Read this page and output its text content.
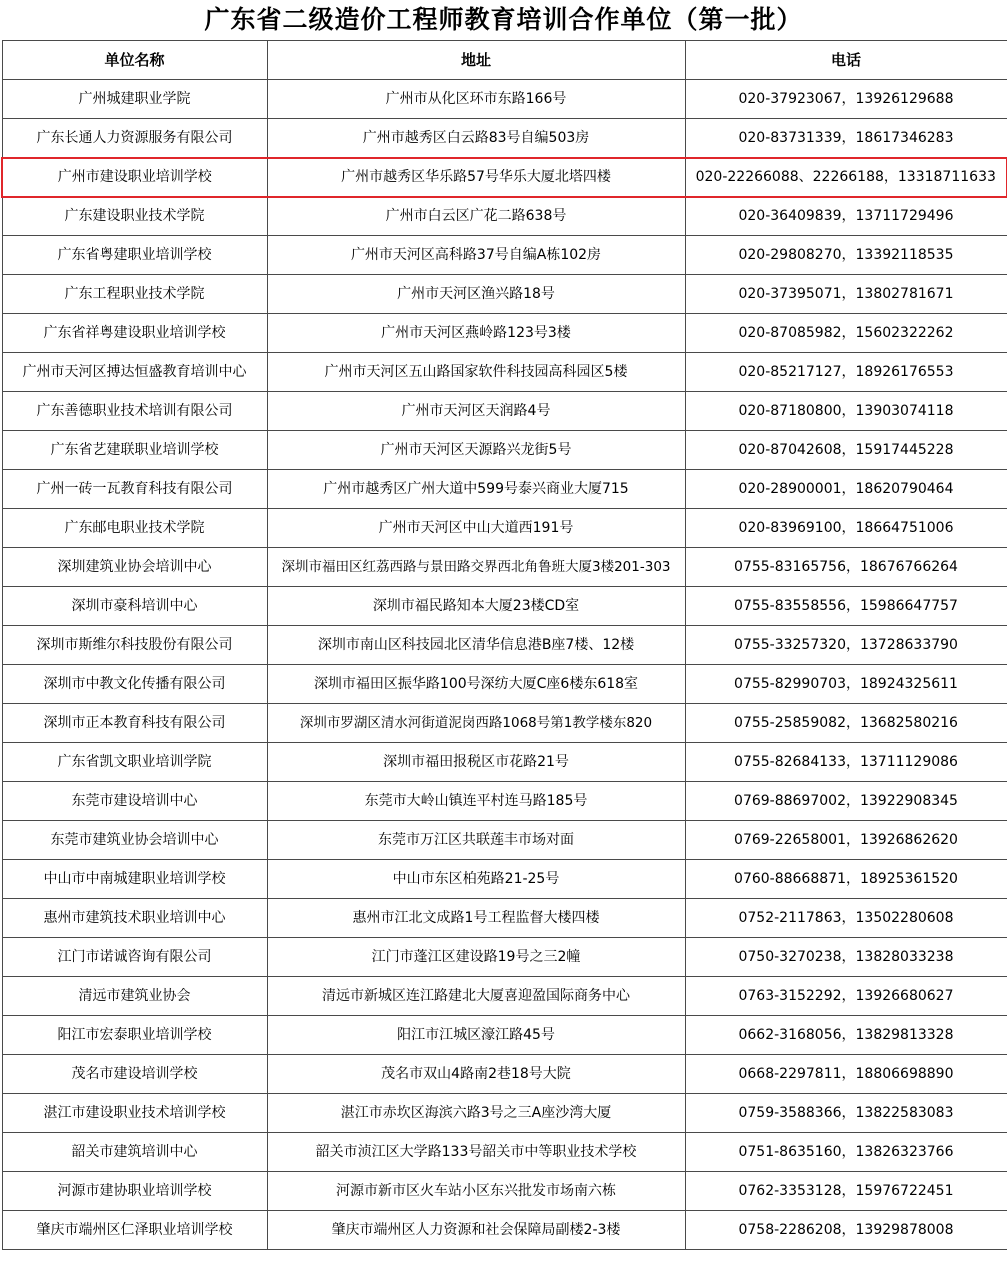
广东省二级造价工程师教育培训合作单位（第一批）
单位名称	地址	电话
广州城建职业学院	广州市从化区环市东路166号	020-37923067，13926129688
广东长通人力资源服务有限公司	广州市越秀区白云路83号自编503房	020-83731339，18617346283
广州市建设职业培训学校	广州市越秀区华乐路57号华乐大厦北塔四楼	020-22266088、22266188，13318711633
广东建设职业技术学院	广州市白云区广花二路638号	020-36409839，13711729496
广东省粤建职业培训学校	广州市天河区高科路37号自编A栋102房	020-29808270，13392118535
广东工程职业技术学院	广州市天河区渔兴路18号	020-37395071，13802781671
广东省祥粤建设职业培训学校	广州市天河区燕岭路123号3楼	020-87085982，15602322262
广州市天河区搏达恒盛教育培训中心	广州市天河区五山路国家软件科技园高科园区5楼	020-85217127，18926176553
广东善德职业技术培训有限公司	广州市天河区天润路4号	020-87180800，13903074118
广东省艺建联职业培训学校	广州市天河区天源路兴龙街5号	020-87042608，15917445228
广州一砖一瓦教育科技有限公司	广州市越秀区广州大道中599号泰兴商业大厦715	020-28900001，18620790464
广东邮电职业技术学院	广州市天河区中山大道西191号	020-83969100，18664751006
深圳建筑业协会培训中心	深圳市福田区红荔西路与景田路交界西北角鲁班大厦3楼201-303	0755-83165756，18676766264
深圳市豪科培训中心	深圳市福民路知本大厦23楼CD室	0755-83558556，15986647757
深圳市斯维尔科技股份有限公司	深圳市南山区科技园北区清华信息港B座7楼、12楼	0755-33257320，13728633790
深圳市中教文化传播有限公司	深圳市福田区振华路100号深纺大厦C座6楼东618室	0755-82990703，18924325611
深圳市正本教育科技有限公司	深圳市罗湖区清水河街道泥岗西路1068号第1教学楼东820	0755-25859082，13682580216
广东省凯文职业培训学院	深圳市福田报税区市花路21号	0755-82684133，13711129086
东莞市建设培训中心	东莞市大岭山镇连平村连马路185号	0769-88697002，13922908345
东莞市建筑业协会培训中心	东莞市万江区共联莲丰市场对面	0769-22658001，13926862620
中山市中南城建职业培训学校	中山市东区柏苑路21-25号	0760-88668871，18925361520
惠州市建筑技术职业培训中心	惠州市江北文成路1号工程监督大楼四楼	0752-2117863，13502280608
江门市诺诚咨询有限公司	江门市蓬江区建设路19号之三2幢	0750-3270238，13828033238
清远市建筑业协会	清远市新城区连江路建北大厦喜迎盈国际商务中心	0763-3152292，13926680627
阳江市宏泰职业培训学校	阳江市江城区濠江路45号	0662-3168056，13829813328
茂名市建设培训学校	茂名市双山4路南2巷18号大院	0668-2297811，18806698890
湛江市建设职业技术培训学校	湛江市赤坎区海滨六路3号之三A座沙湾大厦	0759-3588366，13822583083
韶关市建筑培训中心	韶关市浈江区大学路133号韶关市中等职业技术学校	0751-8635160，13826323766
河源市建协职业培训学校	河源市新市区火车站小区东兴批发市场南六栋	0762-3353128，15976722451
肇庆市端州区仁泽职业培训学校	肇庆市端州区人力资源和社会保障局副楼2-3楼	0758-2286208，13929878008
